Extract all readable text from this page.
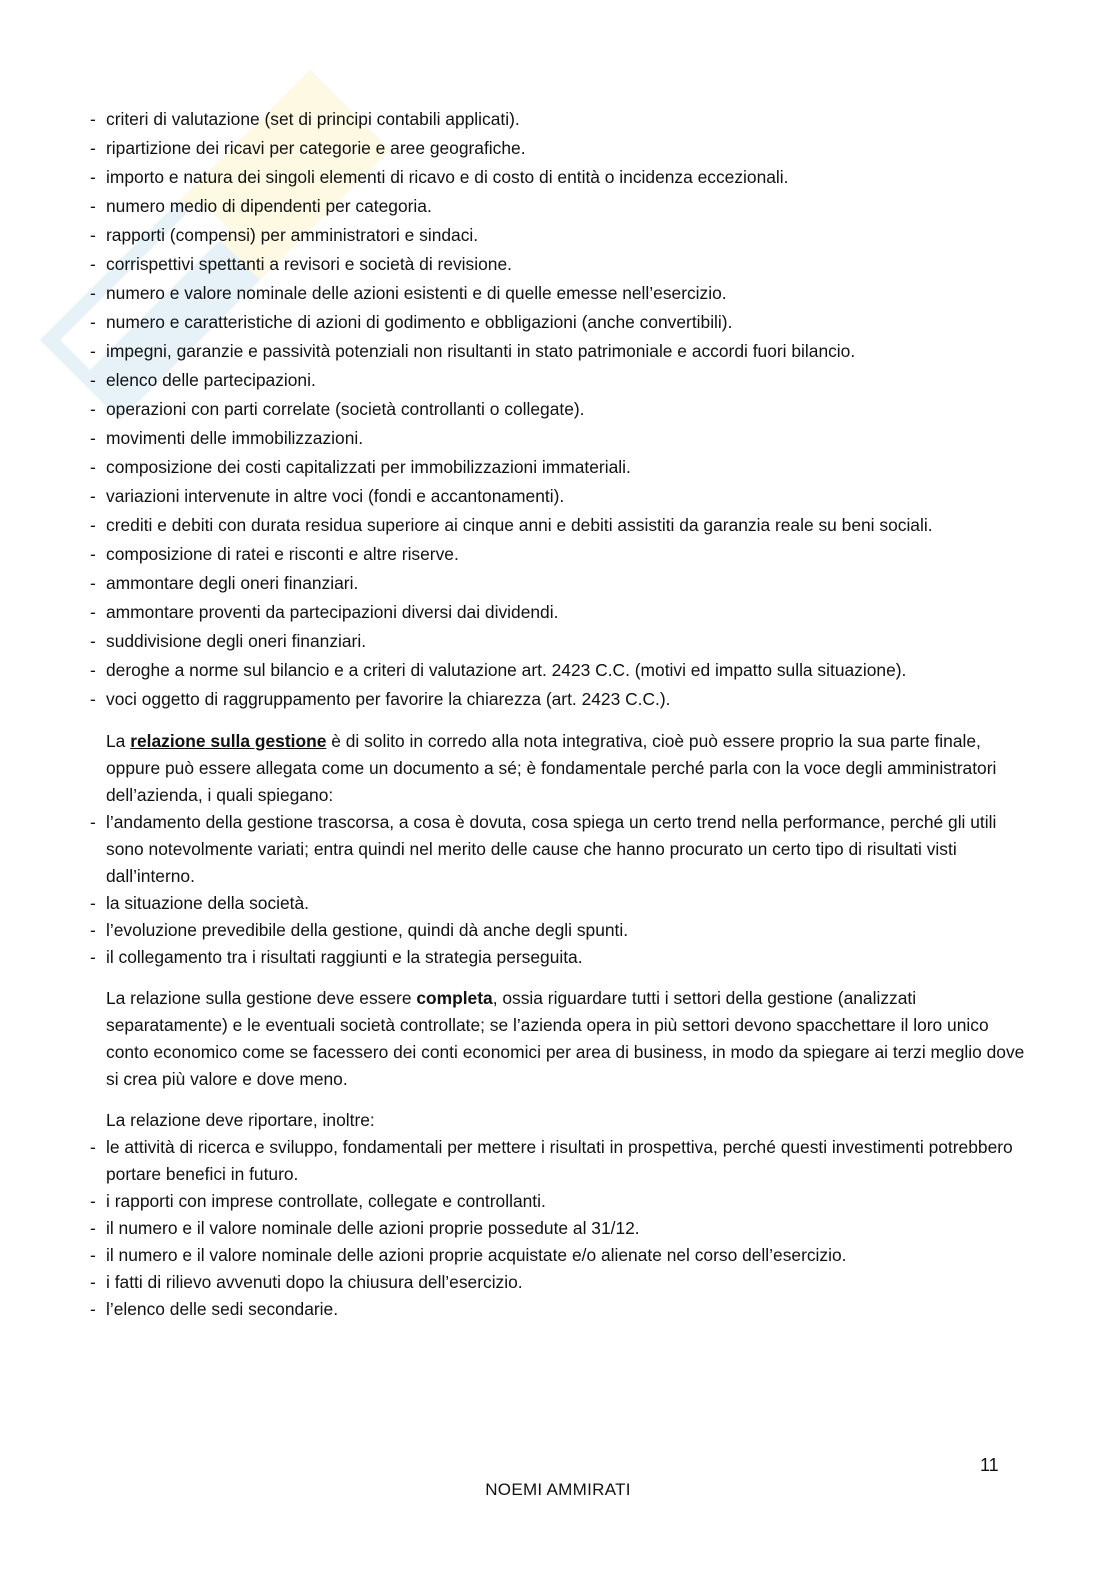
- criteri di valutazione (set di principi contabili applicati).
- ripartizione dei ricavi per categorie e aree geografiche.
- importo e natura dei singoli elementi di ricavo e di costo di entità o incidenza eccezionali.
- numero medio di dipendenti per categoria.
- rapporti (compensi) per amministratori e sindaci.
- corrispettivi spettanti a revisori e società di revisione.
- numero e valore nominale delle azioni esistenti e di quelle emesse nell’esercizio.
- numero e caratteristiche di azioni di godimento e obbligazioni (anche convertibili).
- impegni, garanzie e passività potenziali non risultanti in stato patrimoniale e accordi fuori bilancio.
- elenco delle partecipazioni.
- operazioni con parti correlate (società controllanti o collegate).
- movimenti delle immobilizzazioni.
- composizione dei costi capitalizzati per immobilizzazioni immateriali.
- variazioni intervenute in altre voci (fondi e accantonamenti).
- crediti e debiti con durata residua superiore ai cinque anni e debiti assistiti da garanzia reale su beni sociali.
- composizione di ratei e risconti e altre riserve.
- ammontare degli oneri finanziari.
- ammontare proventi da partecipazioni diversi dai dividendi.
- suddivisione degli oneri finanziari.
- deroghe a norme sul bilancio e a criteri di valutazione art. 2423 C.C. (motivi ed impatto sulla situazione).
- voci oggetto di raggruppamento per favorire la chiarezza (art. 2423 C.C.).

La relazione sulla gestione è di solito in corredo alla nota integrativa, cioè può essere proprio la sua parte finale, oppure può essere allegata come un documento a sé; è fondamentale perché parla con la voce degli amministratori dell’azienda, i quali spiegano:

- l’andamento della gestione trascorsa, a cosa è dovuta, cosa spiega un certo trend nella performance, perché gli utili sono notevolmente variati; entra quindi nel merito delle cause che hanno procurato un certo tipo di risultati visti dall’interno.
- la situazione della società.
- l’evoluzione prevedibile della gestione, quindi dà anche degli spunti.
- il collegamento tra i risultati raggiunti e la strategia perseguita.

La relazione sulla gestione deve essere completa, ossia riguardare tutti i settori della gestione (analizzati separatamente) e le eventuali società controllate; se l’azienda opera in più settori devono spacchettare il loro unico conto economico come se facessero dei conti economici per area di business, in modo da spiegare ai terzi meglio dove si crea più valore e dove meno.

La relazione deve riportare, inoltre:

- le attività di ricerca e sviluppo, fondamentali per mettere i risultati in prospettiva, perché questi investimenti potrebbero portare benefici in futuro.
- i rapporti con imprese controllate, collegate e controllanti.
- il numero e il valore nominale delle azioni proprie possedute al 31/12.
- il numero e il valore nominale delle azioni proprie acquistate e/o alienate nel corso dell’esercizio.
- i fatti di rilievo avvenuti dopo la chiusura dell’esercizio.
- l’elenco delle sedi secondarie.
11
NOEMI AMMIRATI
